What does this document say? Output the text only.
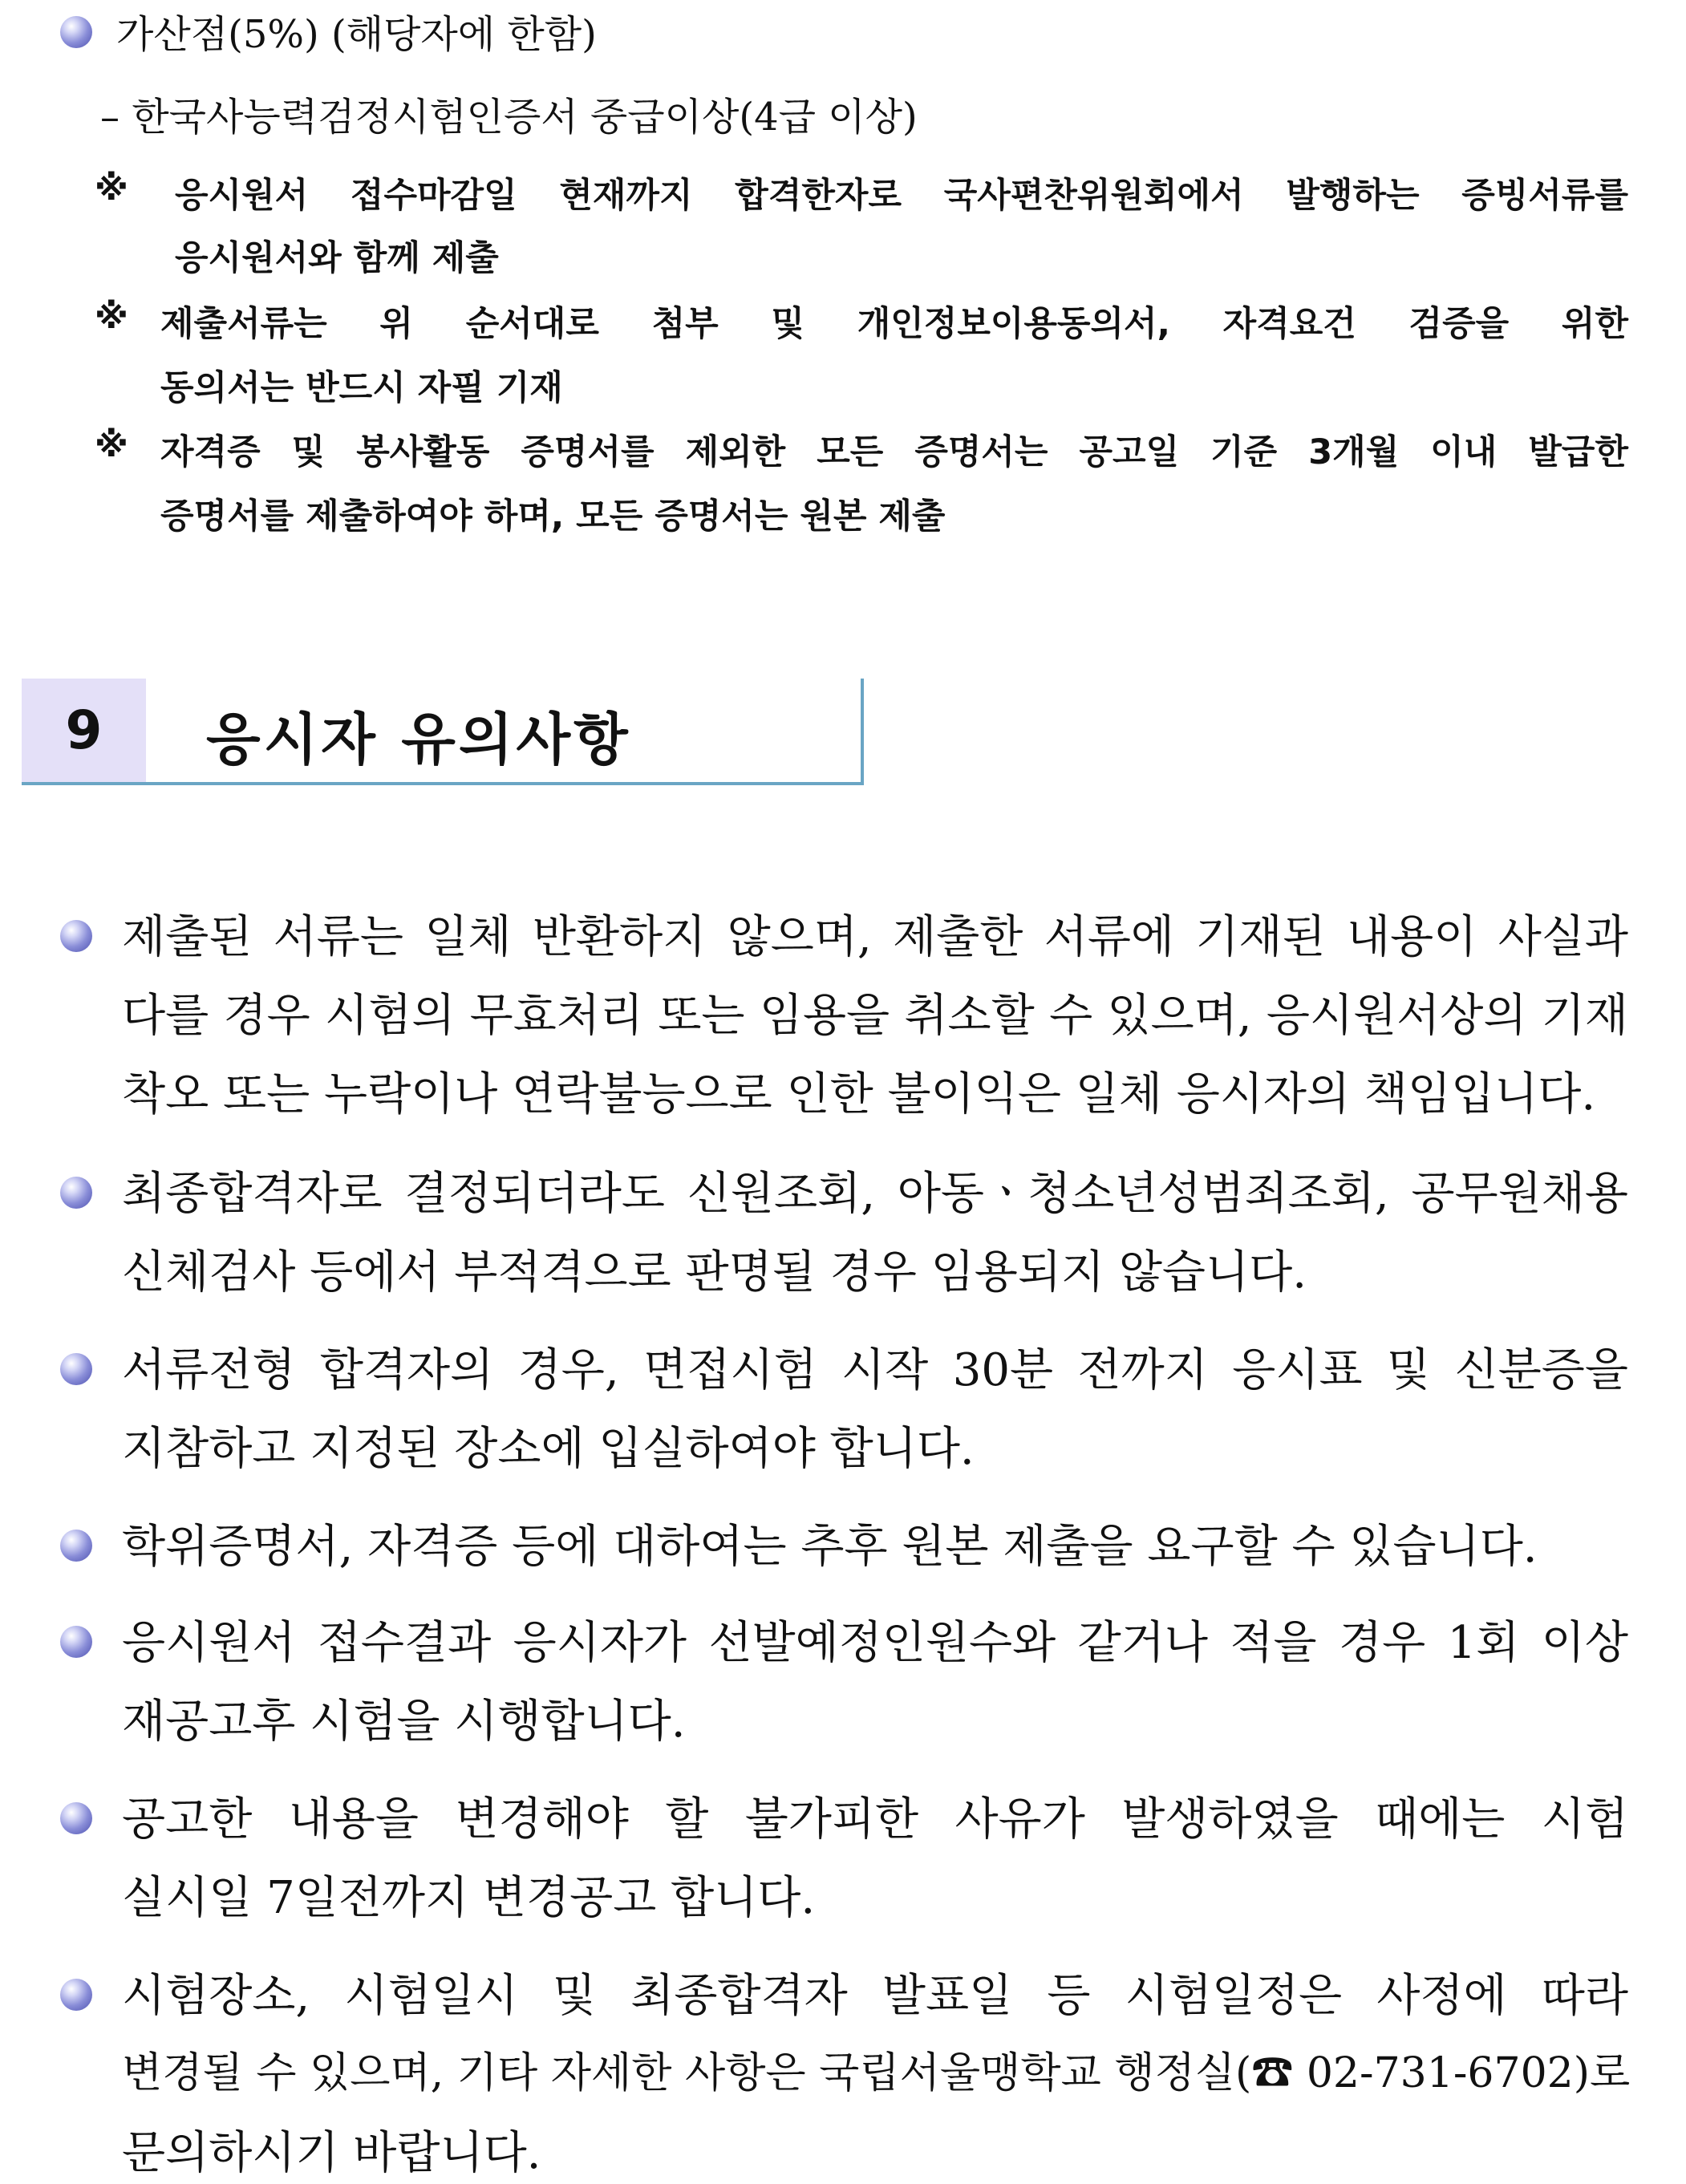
가산점(5%) (해당자에 한함)
– 한국사능력검정시험인증서 중급이상(4급 이상)
※ 응시원서 접수마감일 현재까지 합격한자로 국사편찬위원회에서 발행하는 증빙서류를
응시원서와 함께 제출
※ 제출서류는 위 순서대로 첨부 및 개인정보이용동의서, 자격요건 검증을 위한
동의서는 반드시 자필 기재
※ 자격증 및 봉사활동 증명서를 제외한 모든 증명서는 공고일 기준 3개월 이내 발급한
증명서를 제출하여야 하며, 모든 증명서는 원본 제출
9	응시자 유의사항
제출된 서류는 일체 반환하지 않으며, 제출한 서류에 기재된 내용이 사실과
다를 경우 시험의 무효처리 또는 임용을 취소할 수 있으며, 응시원서상의 기재
착오 또는 누락이나 연락불능으로 인한 불이익은 일체 응시자의 책임입니다.
최종합격자로 결정되더라도 신원조회, 아동ㆍ청소년성범죄조회, 공무원채용
신체검사 등에서 부적격으로 판명될 경우 임용되지 않습니다.
서류전형 합격자의 경우, 면접시험 시작 30분 전까지 응시표 및 신분증을
지참하고 지정된 장소에 입실하여야 합니다.
학위증명서, 자격증 등에 대하여는 추후 원본 제출을 요구할 수 있습니다.
응시원서 접수결과 응시자가 선발예정인원수와 같거나 적을 경우 1회 이상
재공고후 시험을 시행합니다.
공고한 내용을 변경해야 할 불가피한 사유가 발생하였을 때에는 시험
실시일 7일전까지 변경공고 합니다.
시험장소, 시험일시 및 최종합격자 발표일 등 시험일정은 사정에 따라
변경될 수 있으며, 기타 자세한 사항은 국립서울맹학교 행정실(☎ 02-731-6702)로
문의하시기 바랍니다.
